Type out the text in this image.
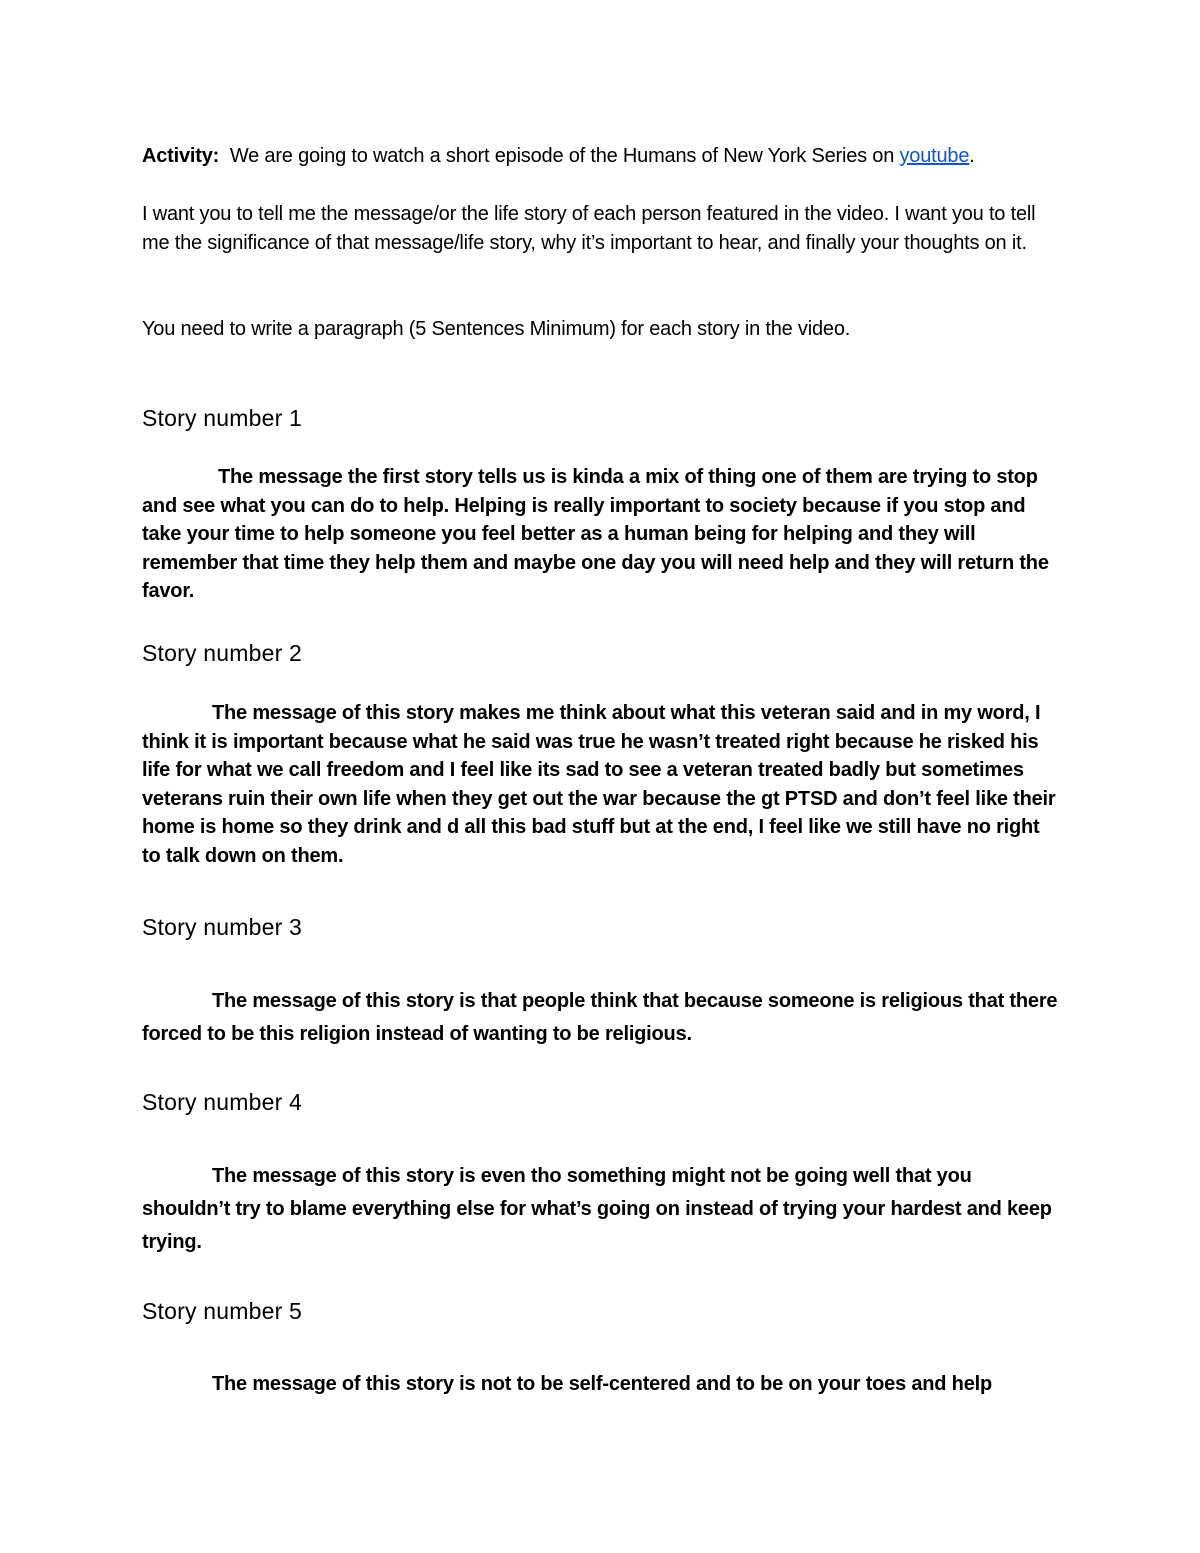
Activity: We are going to watch a short episode of the Humans of New York Series on youtube.
I want you to tell me the message/or the life story of each person featured in the video. I want you to tell me the significance of that message/life story, why it’s important to hear, and finally your thoughts on it.
You need to write a paragraph (5 Sentences Minimum) for each story in the video.
Story number 1
The message the first story tells us is kinda a mix of thing one of them are trying to stop and see what you can do to help. Helping is really important to society because if you stop and take your time to help someone you feel better as a human being for helping and they will remember that time they help them and maybe one day you will need help and they will return the favor.
Story number 2
The message of this story makes me think about what this veteran said and in my word, I think it is important because what he said was true he wasn’t treated right because he risked his life for what we call freedom and I feel like its sad to see a veteran treated badly but sometimes veterans ruin their own life when they get out the war because the gt PTSD and don’t feel like their home is home so they drink and d all this bad stuff but at the end, I feel like we still have no right to talk down on them.
Story number 3
The message of this story is that people think that because someone is religious that there forced to be this religion instead of wanting to be religious.
Story number 4
The message of this story is even tho something might not be going well that you shouldn’t try to blame everything else for what’s going on instead of trying your hardest and keep trying.
Story number 5
The message of this story is not to be self-centered and to be on your toes and help
